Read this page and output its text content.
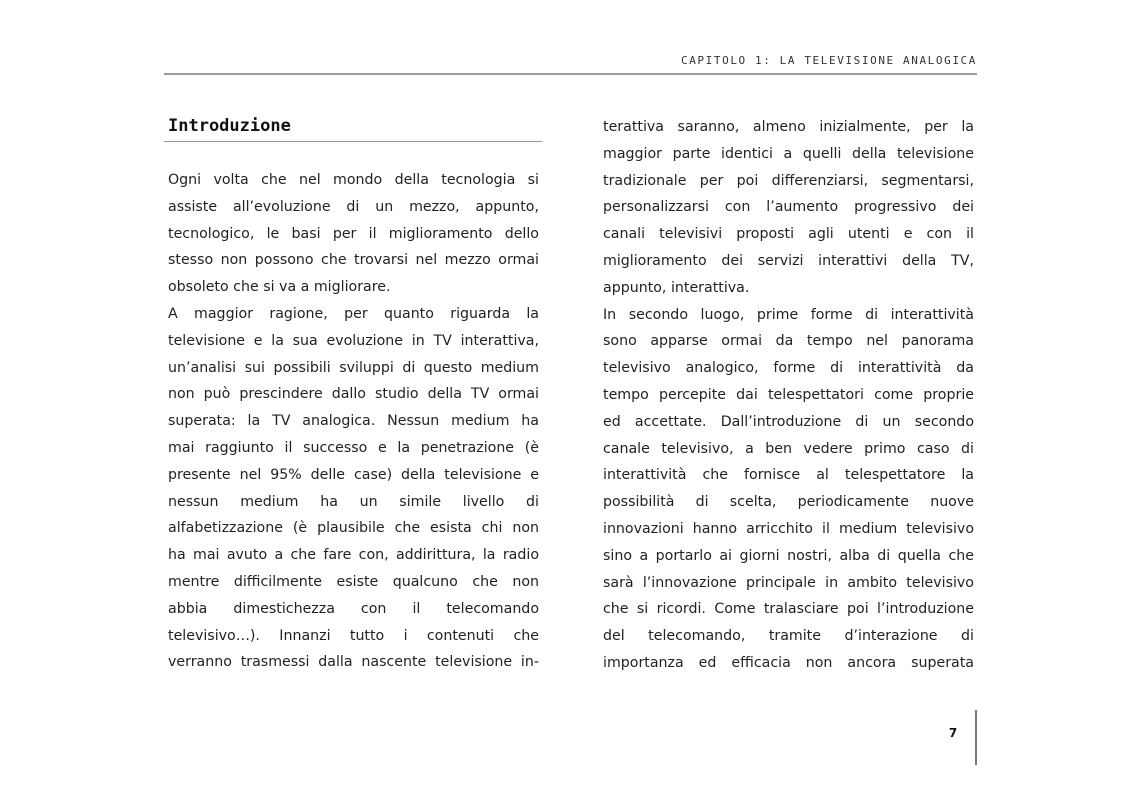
CAPITOLO 1: LA TELEVISIONE ANALOGICA
Introduzione
Ogni volta che nel mondo della tecnologia si
assiste all’evoluzione di un mezzo, appunto,
tecnologico, le basi per il miglioramento dello
stesso non possono che trovarsi nel mezzo ormai
obsoleto che si va a migliorare.
A maggior ragione, per quanto riguarda la
televisione e la sua evoluzione in TV interattiva,
un’analisi sui possibili sviluppi di questo medium
non può prescindere dallo studio della TV ormai
superata: la TV analogica. Nessun medium ha
mai raggiunto il successo e la penetrazione (è
presente nel 95% delle case) della televisione e
nessun medium ha un simile livello di
alfabetizzazione (è plausibile che esista chi non
ha mai avuto a che fare con, addirittura, la radio
mentre difficilmente esiste qualcuno che non
abbia dimestichezza con il telecomando
televisivo…). Innanzi tutto i contenuti che
verranno trasmessi dalla nascente televisione in-
terattiva saranno, almeno inizialmente, per la
maggior parte identici a quelli della televisione
tradizionale per poi differenziarsi, segmentarsi,
personalizzarsi con l’aumento progressivo dei
canali televisivi proposti agli utenti e con il
miglioramento dei servizi interattivi della TV,
appunto, interattiva.
In secondo luogo, prime forme di interattività
sono apparse ormai da tempo nel panorama
televisivo analogico, forme di interattività da
tempo percepite dai telespettatori come proprie
ed accettate. Dall’introduzione di un secondo
canale televisivo, a ben vedere primo caso di
interattività che fornisce al telespettatore la
possibilità di scelta, periodicamente nuove
innovazioni hanno arricchito il medium televisivo
sino a portarlo ai giorni nostri, alba di quella che
sarà l’innovazione principale in ambito televisivo
che si ricordi. Come tralasciare poi l’introduzione
del telecomando, tramite d’interazione di
importanza ed efficacia non ancora superata
7
